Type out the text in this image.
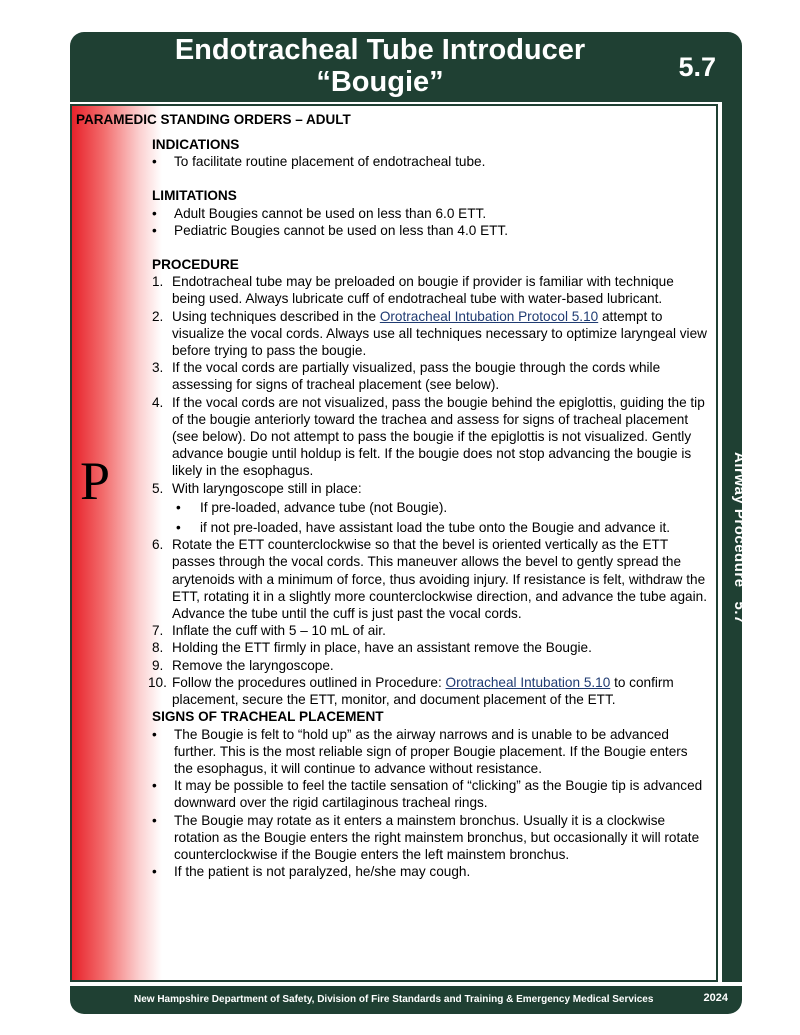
Endotracheal Tube Introducer
“Bougie”	5.7
Airway Procedure   5.7
PARAMEDIC STANDING ORDERS – ADULT
P
INDICATIONS
•	To facilitate routine placement of endotracheal tube.
LIMITATIONS
•	Adult Bougies cannot be used on less than 6.0 ETT.
•	Pediatric Bougies cannot be used on less than 4.0 ETT.
PROCEDURE
1. Endotracheal tube may be preloaded on bougie if provider is familiar with technique being used. Always lubricate cuff of endotracheal tube with water-based lubricant.
2. Using techniques described in the Orotracheal Intubation Protocol 5.10 attempt to visualize the vocal cords. Always use all techniques necessary to optimize laryngeal view before trying to pass the bougie.
3. If the vocal cords are partially visualized, pass the bougie through the cords while assessing for signs of tracheal placement (see below).
4. If the vocal cords are not visualized, pass the bougie behind the epiglottis, guiding the tip of the bougie anteriorly toward the trachea and assess for signs of tracheal placement (see below). Do not attempt to pass the bougie if the epiglottis is not visualized. Gently advance bougie until holdup is felt. If the bougie does not stop advancing the bougie is likely in the esophagus.
5. With laryngoscope still in place:
•	If pre-loaded, advance tube (not Bougie).
•	if not pre-loaded, have assistant load the tube onto the Bougie and advance it.
6. Rotate the ETT counterclockwise so that the bevel is oriented vertically as the ETT passes through the vocal cords. This maneuver allows the bevel to gently spread the arytenoids with a minimum of force, thus avoiding injury. If resistance is felt, withdraw the ETT, rotating it in a slightly more counterclockwise direction, and advance the tube again. Advance the tube until the cuff is just past the vocal cords.
7. Inflate the cuff with 5 – 10 mL of air.
8. Holding the ETT firmly in place, have an assistant remove the Bougie.
9. Remove the laryngoscope.
10. Follow the procedures outlined in Procedure: Orotracheal Intubation 5.10 to confirm placement, secure the ETT, monitor, and document placement of the ETT.
SIGNS OF TRACHEAL PLACEMENT
•	The Bougie is felt to “hold up” as the airway narrows and is unable to be advanced further. This is the most reliable sign of proper Bougie placement. If the Bougie enters the esophagus, it will continue to advance without resistance.
•	It may be possible to feel the tactile sensation of “clicking” as the Bougie tip is advanced downward over the rigid cartilaginous tracheal rings.
•	The Bougie may rotate as it enters a mainstem bronchus. Usually it is a clockwise rotation as the Bougie enters the right mainstem bronchus, but occasionally it will rotate counterclockwise if the Bougie enters the left mainstem bronchus.
•	If the patient is not paralyzed, he/she may cough.
New Hampshire Department of Safety, Division of Fire Standards and Training & Emergency Medical Services	2024
